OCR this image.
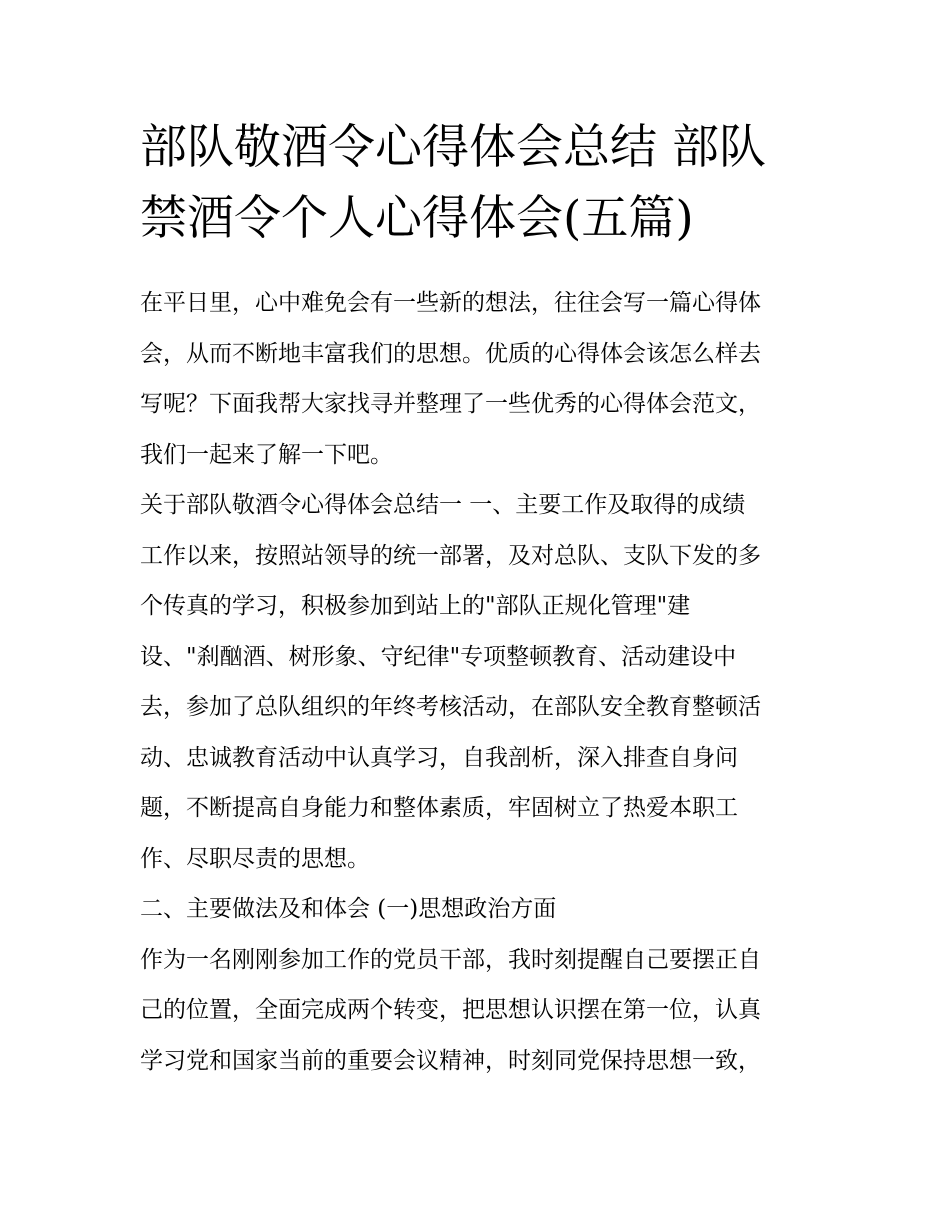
部队敬酒令心得体会总结 部队
禁酒令个人心得体会(五篇)
在平日里，心中难免会有一些新的想法，往往会写一篇心得体
会，从而不断地丰富我们的思想。优质的心得体会该怎么样去
写呢？下面我帮大家找寻并整理了一些优秀的心得体会范文，
我们一起来了解一下吧。
关于部队敬酒令心得体会总结一 一、主要工作及取得的成绩
工作以来，按照站领导的统一部署，及对总队、支队下发的多
个传真的学习，积极参加到站上的"部队正规化管理"建
设、"刹酗酒、树形象、守纪律"专项整顿教育、活动建设中
去，参加了总队组织的年终考核活动，在部队安全教育整顿活
动、忠诚教育活动中认真学习，自我剖析，深入排查自身问
题，不断提高自身能力和整体素质，牢固树立了热爱本职工
作、尽职尽责的思想。
二、主要做法及和体会 (一)思想政治方面
作为一名刚刚参加工作的党员干部，我时刻提醒自己要摆正自
己的位置，全面完成两个转变，把思想认识摆在第一位，认真
学习党和国家当前的重要会议精神，时刻同党保持思想一致，
